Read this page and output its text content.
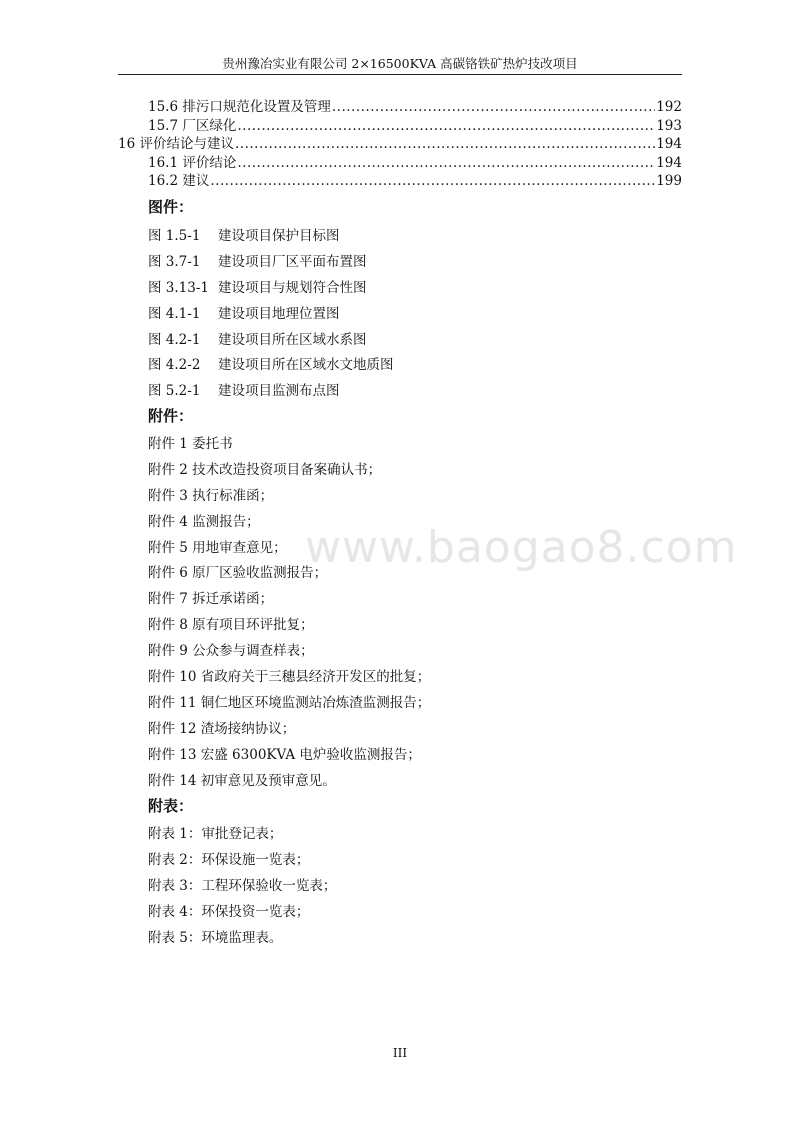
贵州豫冶实业有限公司 2×16500KVA 高碳铬铁矿热炉技改项目
15.6 排污口规范化设置及管理 .....	192
15.7 厂区绿化 .....	193
16 评价结论与建议 .....	194
16.1 评价结论 .....	194
16.2 建议 .....	199
图件：
图 1.5-1 建设项目保护目标图
图 3.7-1 建设项目厂区平面布置图
图 3.13-1 建设项目与规划符合性图
图 4.1-1 建设项目地理位置图
图 4.2-1 建设项目所在区域水系图
图 4.2-2 建设项目所在区域水文地质图
图 5.2-1 建设项目监测布点图
附件：
附件 1 委托书
附件 2 技术改造投资项目备案确认书；
附件 3 执行标准函；
附件 4 监测报告；
附件 5 用地审查意见；
附件 6 原厂区验收监测报告；
附件 7 拆迁承诺函；
附件 8 原有项目环评批复；
附件 9 公众参与调查样表；
附件 10 省政府关于三穗县经济开发区的批复；
附件 11 铜仁地区环境监测站冶炼渣监测报告；
附件 12 渣场接纳协议；
附件 13 宏盛 6300KVA 电炉验收监测报告；
附件 14 初审意见及预审意见。
附表：
附表 1：审批登记表；
附表 2：环保设施一览表；
附表 3：工程环保验收一览表；
附表 4：环保投资一览表；
附表 5：环境监理表。
www.baogao8.com
III
